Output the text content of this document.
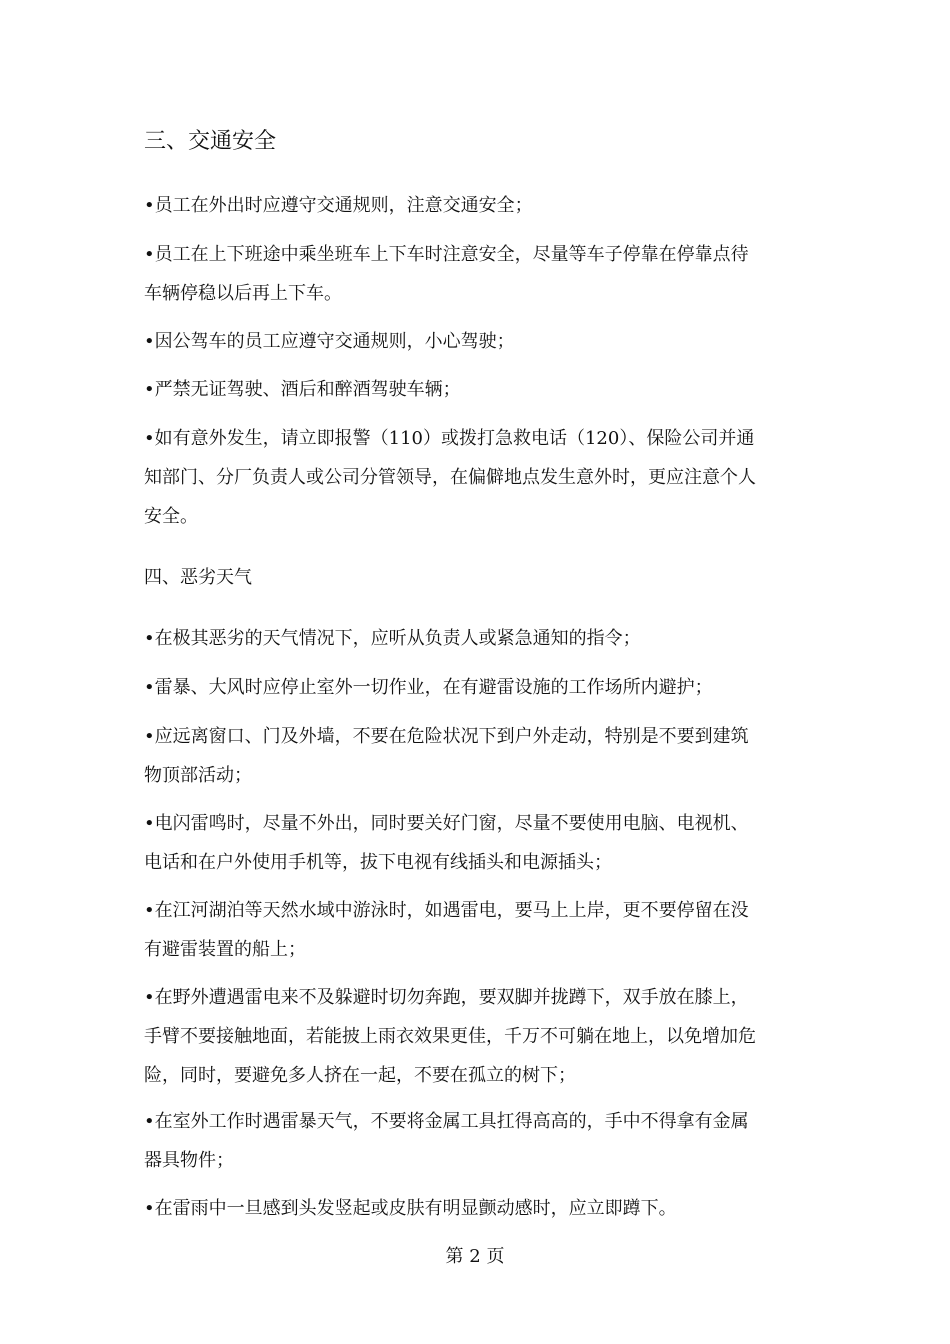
三、交通安全

•员工在外出时应遵守交通规则，注意交通安全；

•员工在上下班途中乘坐班车上下车时注意安全，尽量等车子停靠在停靠点待
车辆停稳以后再上下车。

•因公驾车的员工应遵守交通规则，小心驾驶；

•严禁无证驾驶、酒后和醉酒驾驶车辆；

•如有意外发生，请立即报警（110）或拨打急救电话（120）、保险公司并通
知部门、分厂负责人或公司分管领导，在偏僻地点发生意外时，更应注意个人
安全。

四、恶劣天气

•在极其恶劣的天气情况下，应听从负责人或紧急通知的指令；

•雷暴、大风时应停止室外一切作业，在有避雷设施的工作场所内避护；

•应远离窗口、门及外墙，不要在危险状况下到户外走动，特别是不要到建筑
物顶部活动；

•电闪雷鸣时，尽量不外出，同时要关好门窗，尽量不要使用电脑、电视机、
电话和在户外使用手机等，拔下电视有线插头和电源插头；

•在江河湖泊等天然水域中游泳时，如遇雷电，要马上上岸，更不要停留在没
有避雷装置的船上；

•在野外遭遇雷电来不及躲避时切勿奔跑，要双脚并拢蹲下，双手放在膝上，
手臂不要接触地面，若能披上雨衣效果更佳，千万不可躺在地上，以免增加危
险，同时，要避免多人挤在一起，不要在孤立的树下；

•在室外工作时遇雷暴天气，不要将金属工具扛得高高的，手中不得拿有金属
器具物件；

•在雷雨中一旦感到头发竖起或皮肤有明显颤动感时，应立即蹲下。

第 2 页
